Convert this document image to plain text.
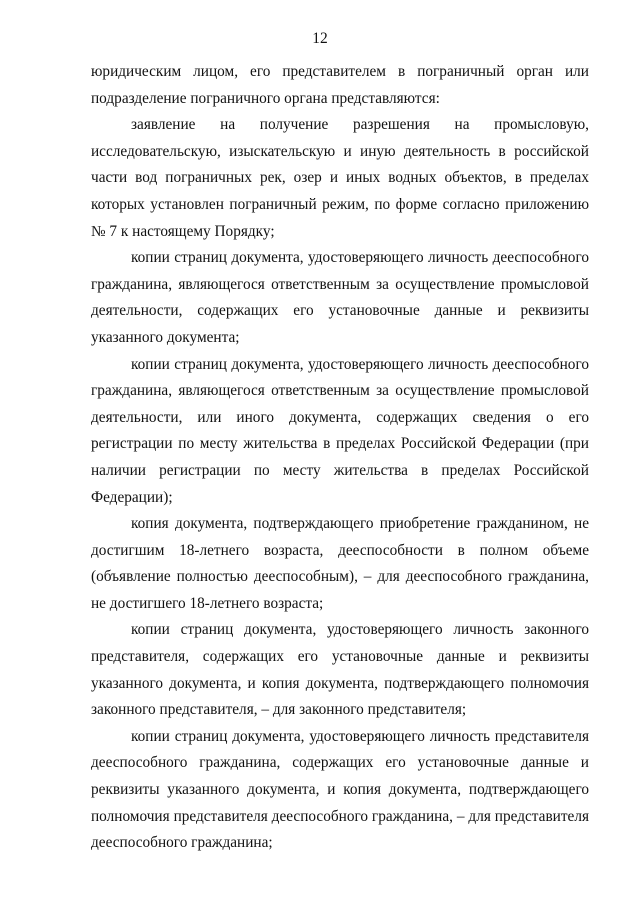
12

юридическим лицом, его представителем в пограничный орган или подразделение пограничного органа представляются:

заявление на получение разрешения на промысловую, исследовательскую, изыскательскую и иную деятельность в российской части вод пограничных рек, озер и иных водных объектов, в пределах которых установлен пограничный режим, по форме согласно приложению № 7 к настоящему Порядку;

копии страниц документа, удостоверяющего личность дееспособного гражданина, являющегося ответственным за осуществление промысловой деятельности, содержащих его установочные данные и реквизиты указанного документа;

копии страниц документа, удостоверяющего личность дееспособного гражданина, являющегося ответственным за осуществление промысловой деятельности, или иного документа, содержащих сведения о его регистрации по месту жительства в пределах Российской Федерации (при наличии регистрации по месту жительства в пределах Российской Федерации);

копия документа, подтверждающего приобретение гражданином, не достигшим 18-летнего возраста, дееспособности в полном объеме (объявление полностью дееспособным), – для дееспособного гражданина, не достигшего 18-летнего возраста;

копии страниц документа, удостоверяющего личность законного представителя, содержащих его установочные данные и реквизиты указанного документа, и копия документа, подтверждающего полномочия законного представителя, – для законного представителя;

копии страниц документа, удостоверяющего личность представителя дееспособного гражданина, содержащих его установочные данные и реквизиты указанного документа, и копия документа, подтверждающего полномочия представителя дееспособного гражданина, – для представителя дееспособного гражданина;
